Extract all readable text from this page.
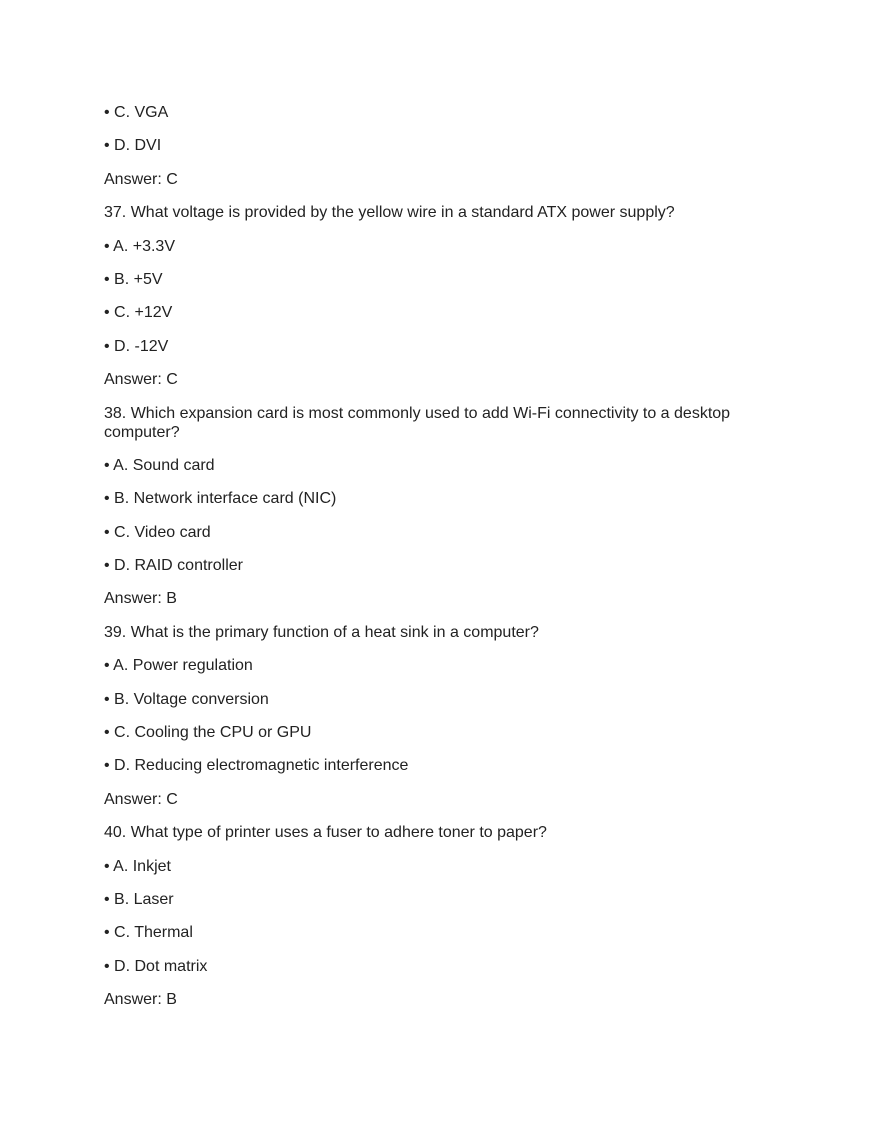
• C. VGA
• D. DVI
Answer: C
37. What voltage is provided by the yellow wire in a standard ATX power supply?
• A. +3.3V
• B. +5V
• C. +12V
• D. -12V
Answer: C
38. Which expansion card is most commonly used to add Wi-Fi connectivity to a desktop computer?
• A. Sound card
• B. Network interface card (NIC)
• C. Video card
• D. RAID controller
Answer: B
39. What is the primary function of a heat sink in a computer?
• A. Power regulation
• B. Voltage conversion
• C. Cooling the CPU or GPU
• D. Reducing electromagnetic interference
Answer: C
40. What type of printer uses a fuser to adhere toner to paper?
• A. Inkjet
• B. Laser
• C. Thermal
• D. Dot matrix
Answer: B
